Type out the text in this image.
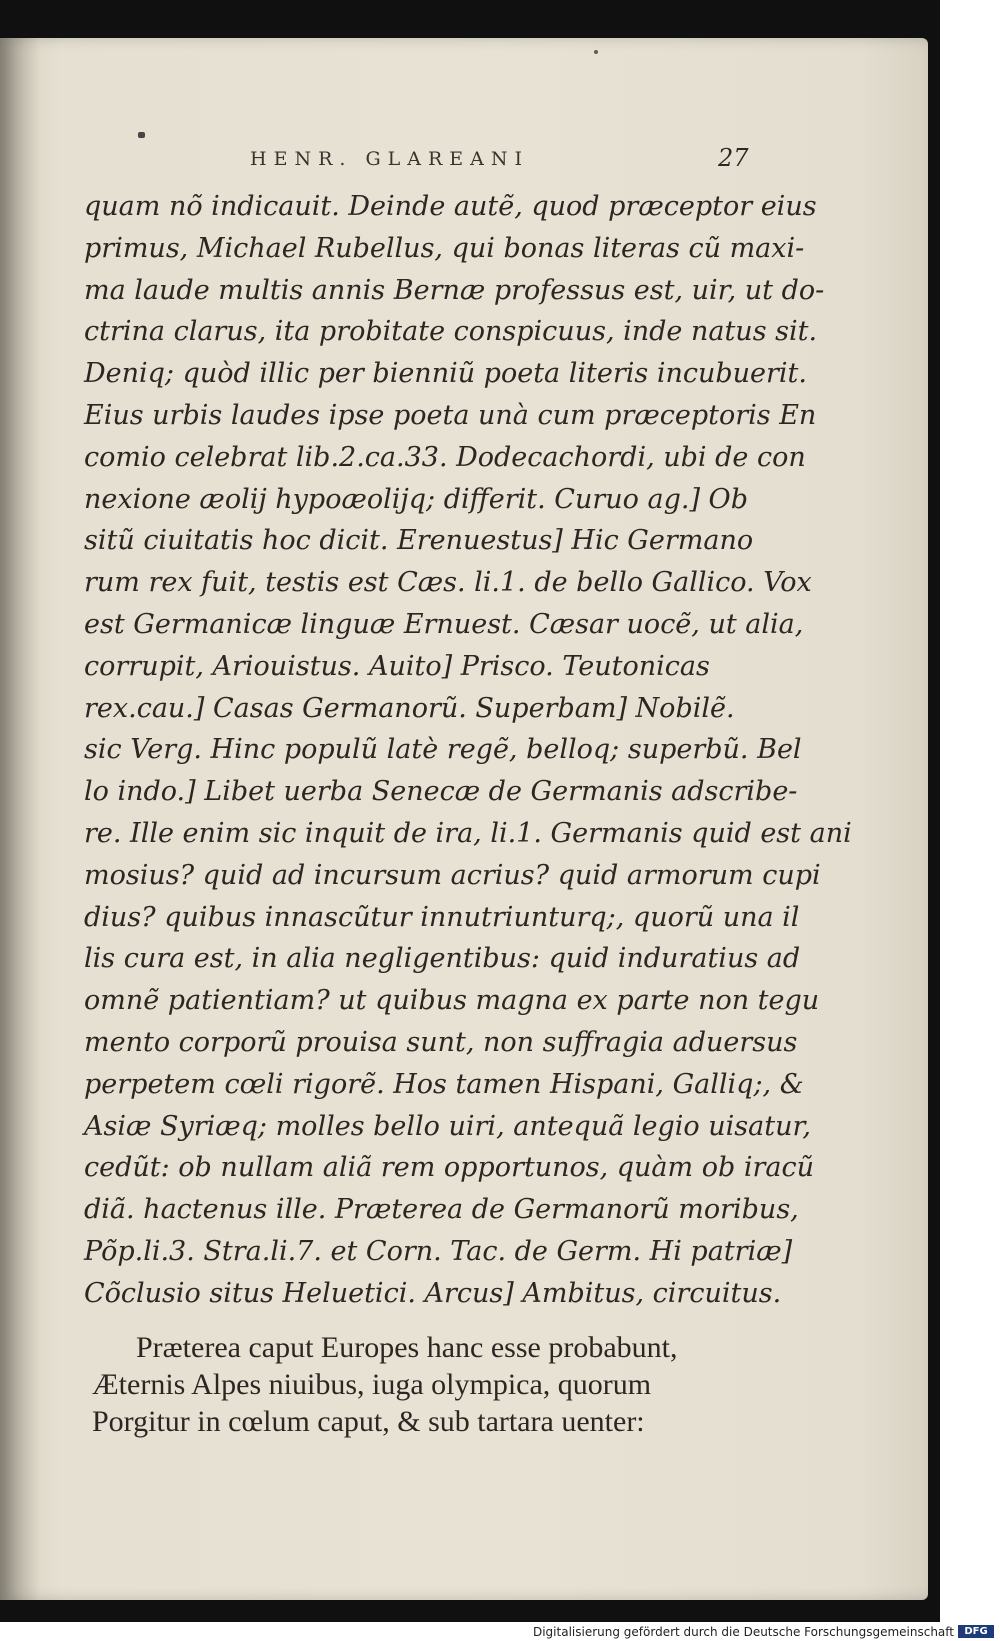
HENR. GLAREANI	27
quam nõ indicauit. Deinde autẽ, quod præceptor eius
primus, Michael Rubellus, qui bonas literas cũ maxi-
ma laude multis annis Bernæ professus est, uir, ut do-
ctrina clarus, ita probitate conspicuus, inde natus sit.
Deniq; quòd illic per bienniũ poeta literis incubuerit.
Eius urbis laudes ipse poeta unà cum præceptoris En
comio celebrat lib.2.ca.33. Dodecachordi, ubi de con
nexione æolij hypoæolijq; differit. Curuo ag.] Ob
sitũ ciuitatis hoc dicit. Erenuestus] Hic Germano
rum rex fuit, testis est Cæs. li.1. de bello Gallico. Vox
est Germanicæ linguæ Ernuest. Cæsar uocẽ, ut alia,
corrupit, Ariouistus. Auito] Prisco. Teutonicas
rex.cau.] Casas Germanorũ. Superbam] Nobilẽ.
sic Verg. Hinc populũ latè regẽ, belloq; superbũ. Bel
lo indo.] Libet uerba Senecæ de Germanis adscribe-
re. Ille enim sic inquit de ira, li.1. Germanis quid est ani
mosius? quid ad incursum acrius? quid armorum cupi
dius? quibus innascũtur innutriunturq;, quorũ una il
lis cura est, in alia negligentibus: quid induratius ad
omnẽ patientiam? ut quibus magna ex parte non tegu
mento corporũ prouisa sunt, non suffragia aduersus
perpetem cœli rigorẽ. Hos tamen Hispani, Galliq;, &
Asiæ Syriæq; molles bello uiri, antequã legio uisatur,
cedũt: ob nullam aliã rem opportunos, quàm ob iracũ
diã. hactenus ille. Præterea de Germanorũ moribus,
Põp.li.3. Stra.li.7. et Corn. Tac. de Germ. Hi patriæ]
Cõclusio situs Heluetici. Arcus] Ambitus, circuitus.
Præterea caput Europes hanc esse probabunt,
Æternis Alpes niuibus, iuga olympica, quorum
Porgitur in cœlum caput, & sub tartara uenter:
Digitalisierung gefördert durch die Deutsche Forschungsgemeinschaft	DFG
